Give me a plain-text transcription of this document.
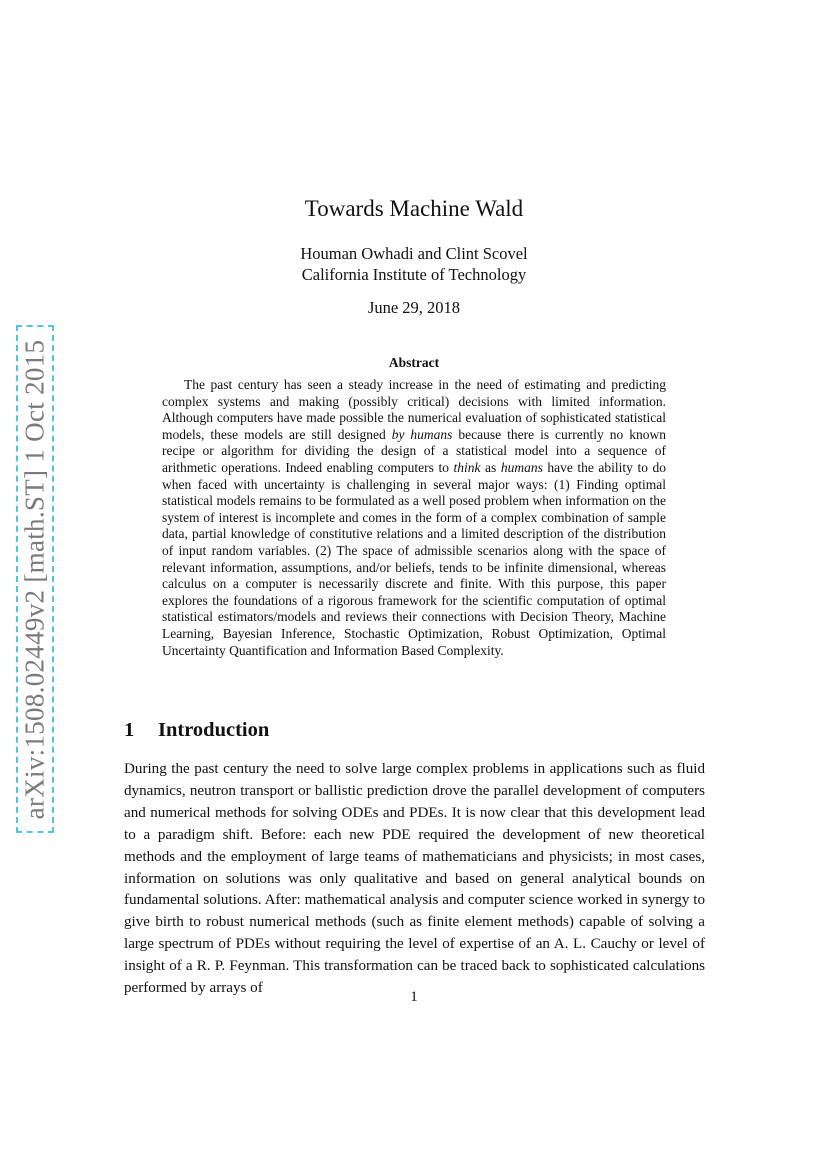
arXiv:1508.02449v2 [math.ST] 1 Oct 2015
Towards Machine Wald
Houman Owhadi and Clint Scovel
California Institute of Technology
June 29, 2018
Abstract

The past century has seen a steady increase in the need of estimating and predicting complex systems and making (possibly critical) decisions with limited information. Although computers have made possible the numerical evaluation of sophisticated statistical models, these models are still designed by humans because there is currently no known recipe or algorithm for dividing the design of a statistical model into a sequence of arithmetic operations. Indeed enabling computers to think as humans have the ability to do when faced with uncertainty is challenging in several major ways: (1) Finding optimal statistical models remains to be formulated as a well posed problem when information on the system of interest is incomplete and comes in the form of a complex combination of sample data, partial knowledge of constitutive relations and a limited description of the distribution of input random variables. (2) The space of admissible scenarios along with the space of relevant information, assumptions, and/or beliefs, tends to be infinite dimensional, whereas calculus on a computer is necessarily discrete and finite. With this purpose, this paper explores the foundations of a rigorous framework for the scientific computation of optimal statistical estimators/models and reviews their connections with Decision Theory, Machine Learning, Bayesian Inference, Stochastic Optimization, Robust Optimization, Optimal Uncertainty Quantification and Information Based Complexity.

1 Introduction

During the past century the need to solve large complex problems in applications such as fluid dynamics, neutron transport or ballistic prediction drove the parallel development of computers and numerical methods for solving ODEs and PDEs. It is now clear that this development lead to a paradigm shift. Before: each new PDE required the development of new theoretical methods and the employment of large teams of mathematicians and physicists; in most cases, information on solutions was only qualitative and based on general analytical bounds on fundamental solutions. After: mathematical analysis and computer science worked in synergy to give birth to robust numerical methods (such as finite element methods) capable of solving a large spectrum of PDEs without requiring the level of expertise of an A. L. Cauchy or level of insight of a R. P. Feynman. This transformation can be traced back to sophisticated calculations performed by arrays of

1
